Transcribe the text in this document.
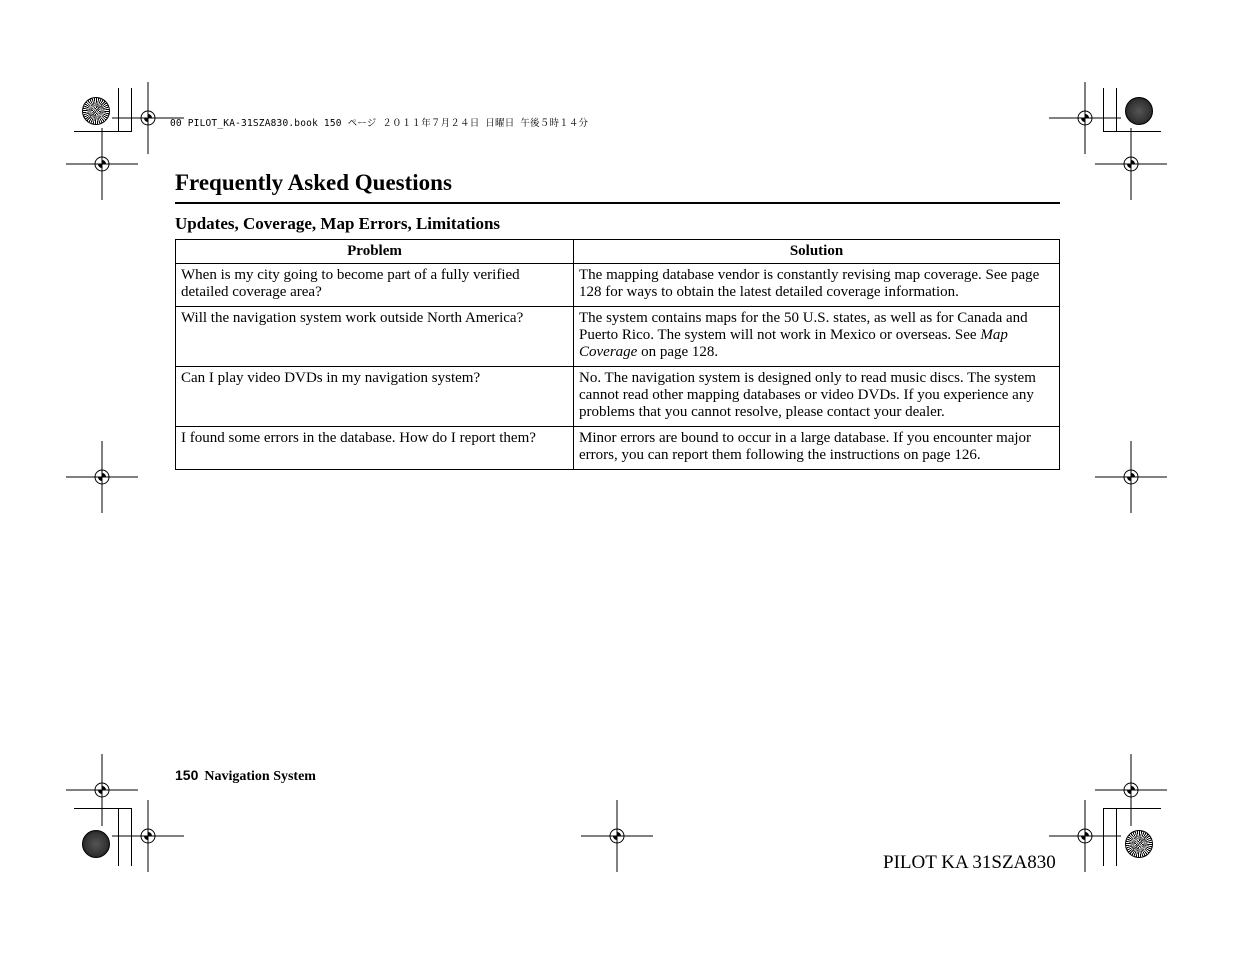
00 PILOT_KA-31SZA830.book 150 ページ ２０１１年７月２４日 日曜日 午後５時１４分
Frequently Asked Questions
Updates, Coverage, Map Errors, Limitations
Problem	Solution
When is my city going to become part of a fully verified detailed coverage area?	The mapping database vendor is constantly revising map coverage. See page 128 for ways to obtain the latest detailed coverage information.
Will the navigation system work outside North America?	The system contains maps for the 50 U.S. states, as well as for Canada and Puerto Rico. The system will not work in Mexico or overseas. See Map Coverage on page 128.
Can I play video DVDs in my navigation system?	No. The navigation system is designed only to read music discs. The system cannot read other mapping databases or video DVDs. If you experience any problems that you cannot resolve, please contact your dealer.
I found some errors in the database. How do I report them?	Minor errors are bound to occur in a large database. If you encounter major errors, you can report them following the instructions on page 126.
150 Navigation System
PILOT KA 31SZA830
